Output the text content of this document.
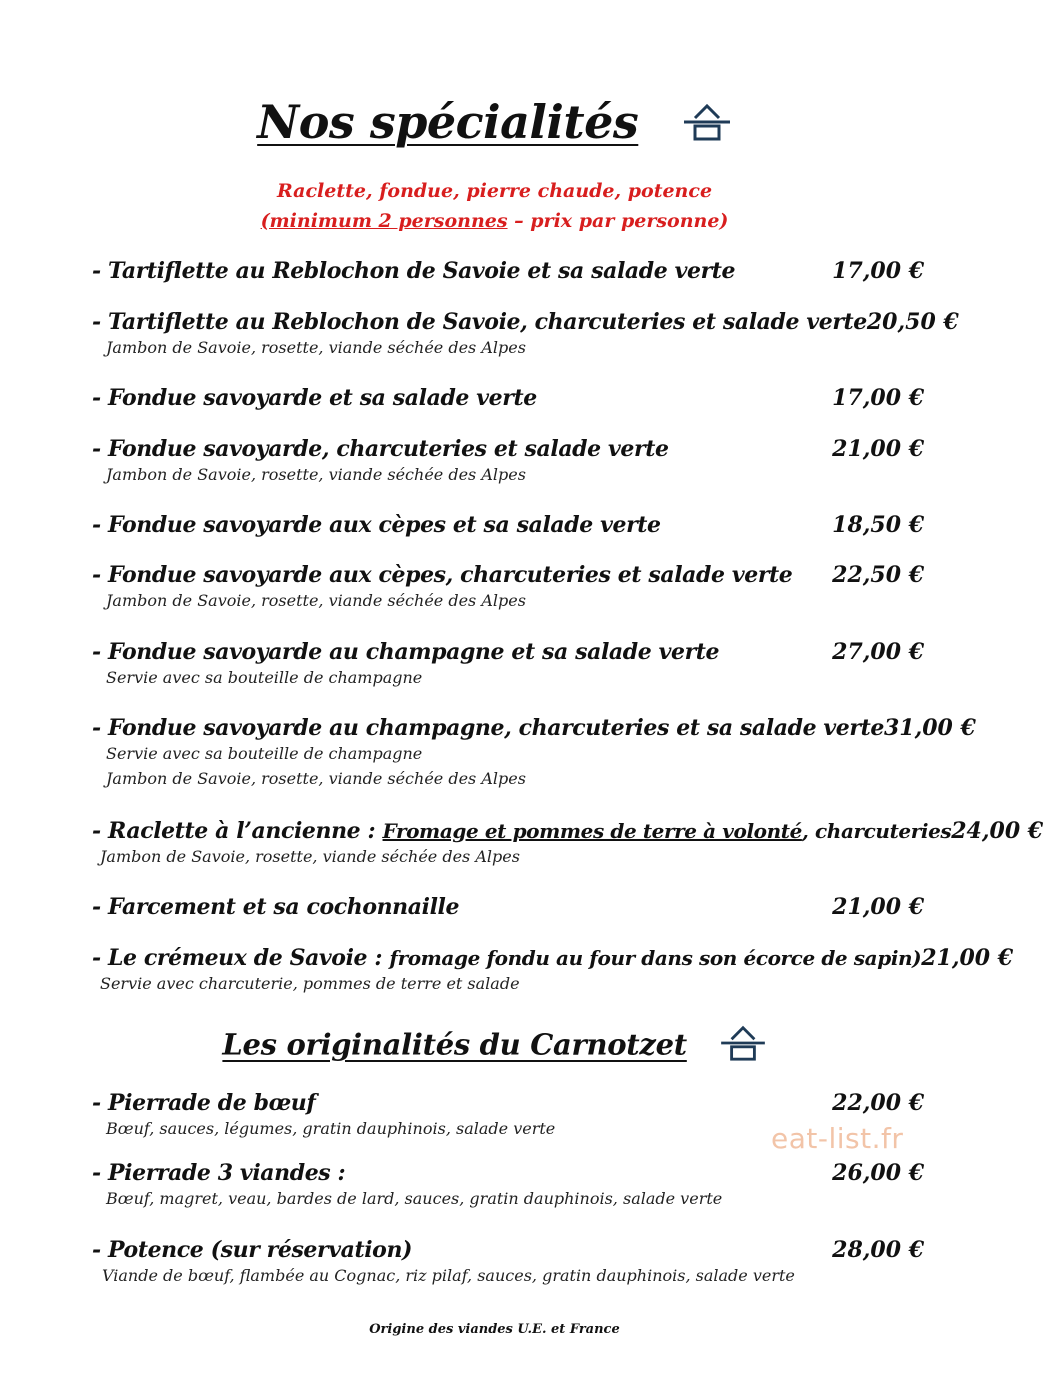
Nos spécialités
Raclette, fondue, pierre chaude, potence
(minimum 2 personnes – prix par personne)
- Tartiflette au Reblochon de Savoie et sa salade verte	17,00 €
- Tartiflette au Reblochon de Savoie, charcuteries et salade verte 20,50 €
Jambon de Savoie, rosette, viande séchée des Alpes
- Fondue savoyarde et sa salade verte	17,00 €
- Fondue savoyarde, charcuteries et salade verte	21,00 €
Jambon de Savoie, rosette, viande séchée des Alpes
- Fondue savoyarde aux cèpes et sa salade verte	18,50 €
- Fondue savoyarde aux cèpes, charcuteries et salade verte 22,50 €
Jambon de Savoie, rosette, viande séchée des Alpes
- Fondue savoyarde au champagne et sa salade verte	27,00 €
Servie avec sa bouteille de champagne
- Fondue savoyarde au champagne, charcuteries et sa salade verte 31,00 €
Servie avec sa bouteille de champagne
Jambon de Savoie, rosette, viande séchée des Alpes
- Raclette à l’ancienne : Fromage et pommes de terre à volonté, charcuteries 24,00 €
Jambon de Savoie, rosette, viande séchée des Alpes
- Farcement et sa cochonnaille	21,00 €
- Le crémeux de Savoie : fromage fondu au four dans son écorce de sapin) 21,00 €
Servie avec charcuterie, pommes de terre et salade
Les originalités du Carnotzet
- Pierrade de bœuf	22,00 €
Bœuf, sauces, légumes, gratin dauphinois, salade verte
- Pierrade 3 viandes :	26,00 €
Bœuf, magret, veau, bardes de lard, sauces, gratin dauphinois, salade verte
- Potence (sur réservation)	28,00 €
Viande de bœuf, flambée au Cognac, riz pilaf, sauces, gratin dauphinois, salade verte
eat-list.fr
Origine des viandes U.E. et France
